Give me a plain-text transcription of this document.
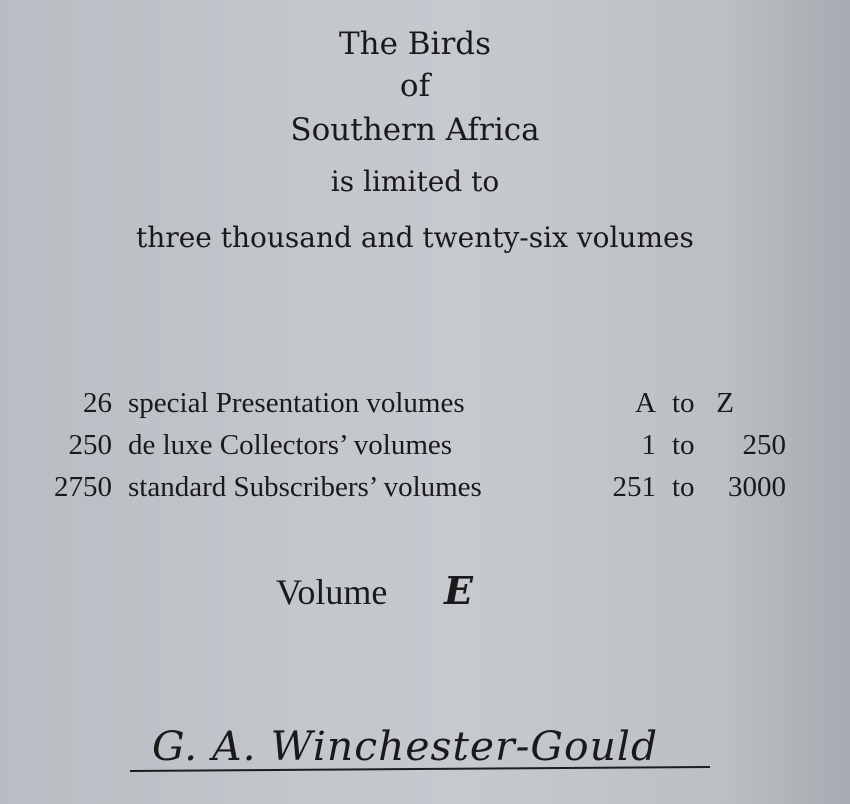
The Birds
of
Southern Africa
is limited to
three thousand and twenty-six volumes
26 special Presentation volumes	A to Z
250 de luxe Collectors’ volumes	1 to 250
2750 standard Subscribers’ volumes	251 to 3000
Volume E
G. A. Winchester-Gould
